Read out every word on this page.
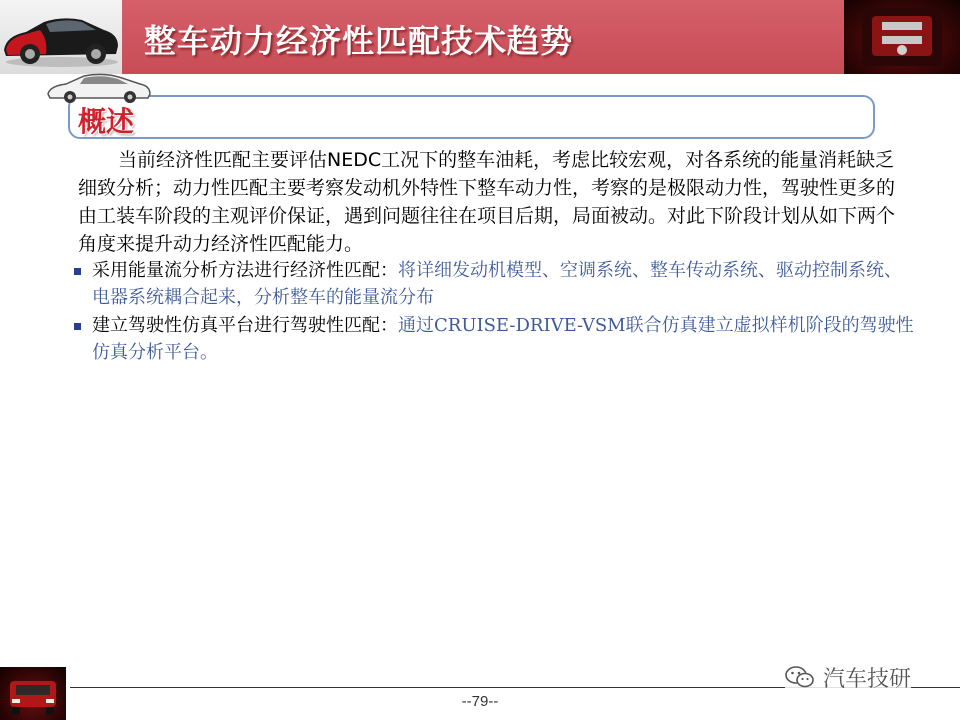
整车动力经济性匹配技术趋势
概述

当前经济性匹配主要评估NEDC工况下的整车油耗，考虑比较宏观，对各系统的能量消耗缺乏细致分析；动力性匹配主要考察发动机外特性下整车动力性，考察的是极限动力性，驾驶性更多的由工装车阶段的主观评价保证，遇到问题往往在项目后期，局面被动。对此下阶段计划从如下两个角度来提升动力经济性匹配能力。

采用能量流分析方法进行经济性匹配：将详细发动机模型、空调系统、整车传动系统、驱动控制系统、电器系统耦合起来，分析整车的能量流分布
建立驾驶性仿真平台进行驾驶性匹配：通过CRUISE-DRIVE-VSM联合仿真建立虚拟样机阶段的驾驶性仿真分析平台。
--79--
汽车技研
